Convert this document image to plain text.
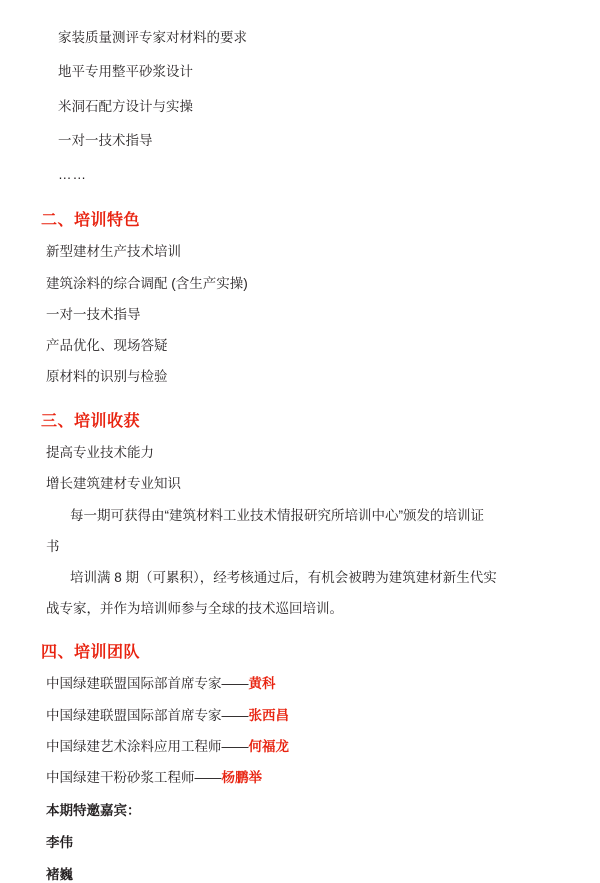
家装质量测评专家对材料的要求

地平专用整平砂浆设计

米洞石配方设计与实操

一对一技术指导

……

二、培训特色

新型建材生产技术培训

建筑涂料的综合调配 (含生产实操)

一对一技术指导

产品优化、现场答疑

原材料的识别与检验

三、培训收获

提高专业技术能力

增长建筑建材专业知识

每一期可获得由“建筑材料工业技术情报研究所培训中心”颁发的培训证

书

培训满 8 期（可累积），经考核通过后，有机会被聘为建筑建材新生代实

战专家，并作为培训师参与全球的技术巡回培训。

四、培训团队

中国绿建联盟国际部首席专家——黄科

中国绿建联盟国际部首席专家——张西昌

中国绿建艺术涂料应用工程师——何福龙

中国绿建干粉砂浆工程师——杨鹏举

本期特邀嘉宾：

李伟

褚巍
